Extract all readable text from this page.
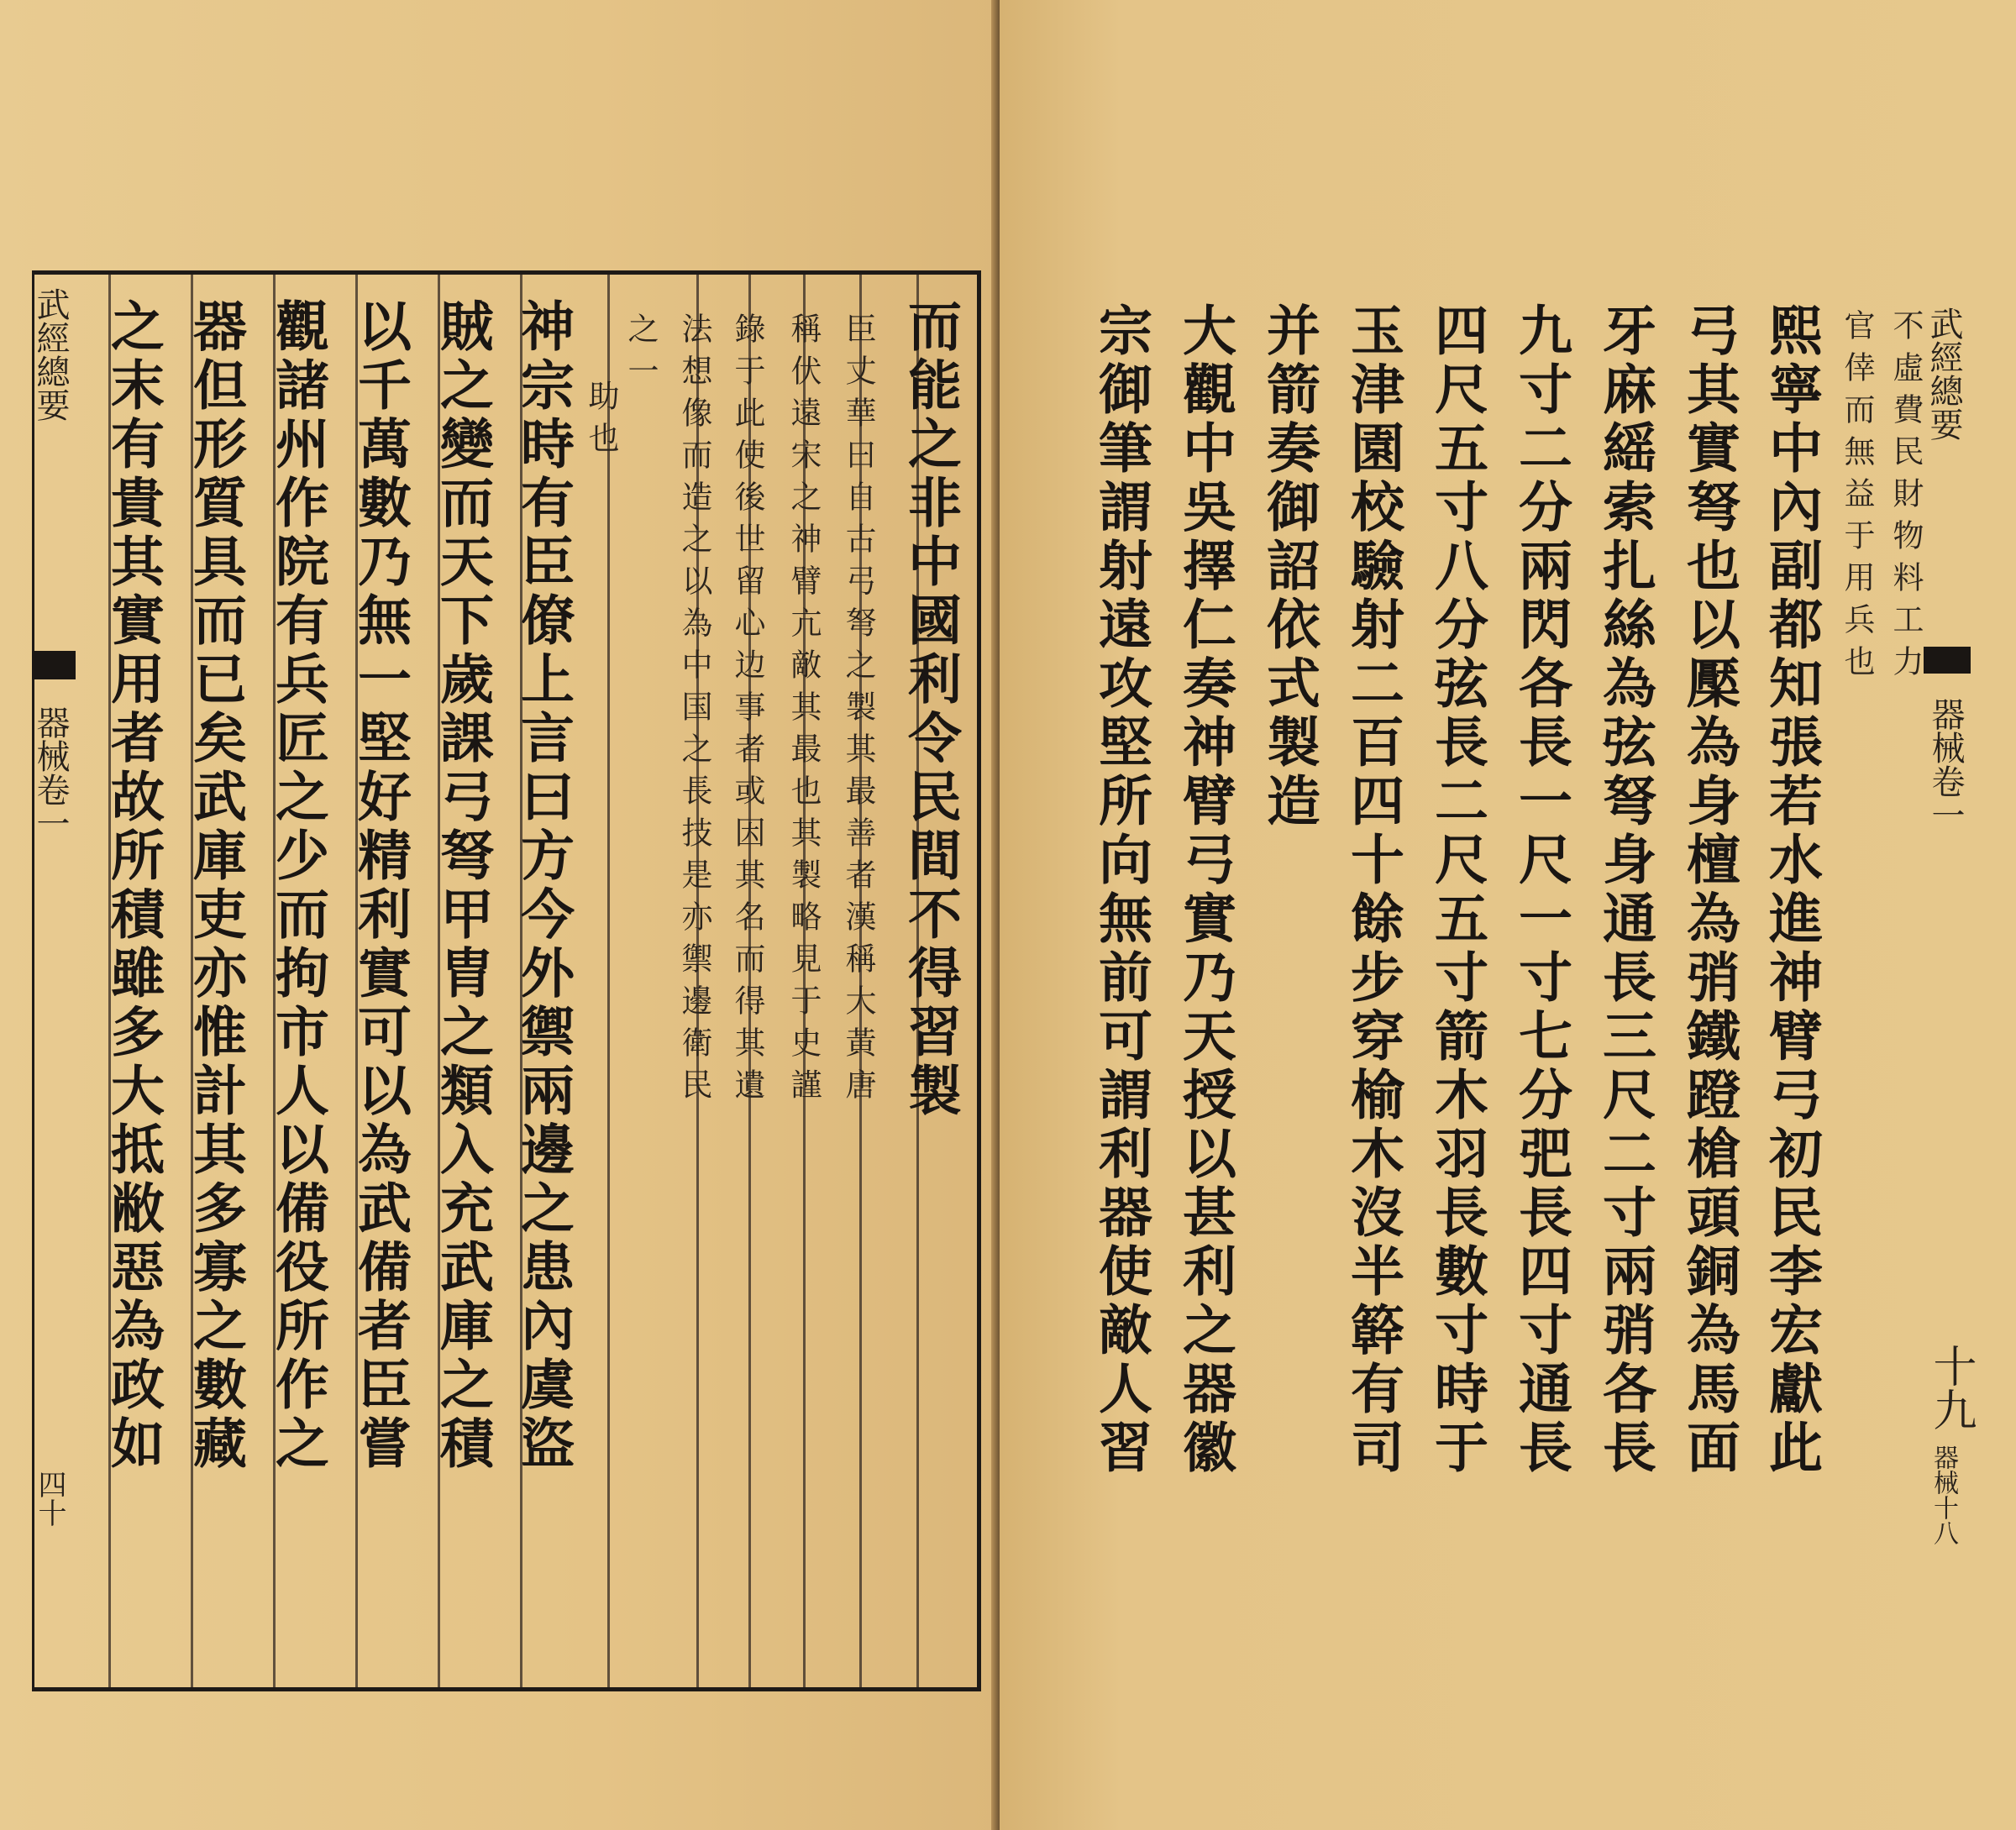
武經總要
器械卷一
四十
而能之非中國利令民間不得習製
臣丈華曰自古弓弩之製其最善者漢稱大黃唐
稱伏遠宋之神臂亢敵其最也其製略見于史謹
錄于此使後世留心边事者或因其名而得其遺
法想像而造之以為中国之長技是亦禦邊衛民
之一
助也
神宗時有臣僚上言曰方今外禦兩邊之患內虞盜
賊之變而天下歲課弓弩甲胄之類入充武庫之積
以千萬數乃無一堅好精利實可以為武備者臣嘗
觀諸州作院有兵匠之少而拘市人以備役所作之
器但形質具而已矣武庫吏亦惟計其多寡之數藏
之末有貴其實用者故所積雖多大抵敝惡為政如	武經總要
器械卷一
十九
器械十八
不虛費民財物料工力
官倖而無益于用兵也
熙寧中內副都知張若水進神臂弓初民李宏獻此
弓其實弩也以檿為身檀為弰鐵蹬槍頭銅為馬面
牙麻䌊索扎絲為弦弩身通長三尺二寸兩弰各長
九寸二分兩閃各長一尺一寸七分弝長四寸通長
四尺五寸八分弦長二尺五寸箭木羽長數寸時于
玉津園校驗射二百四十餘步穿榆木沒半簳有司
并箭奏御詔依式製造
大觀中吳擇仁奏神臂弓實乃天授以甚利之器徽
宗御筆謂射遠攻堅所向無前可謂利器使敵人習
